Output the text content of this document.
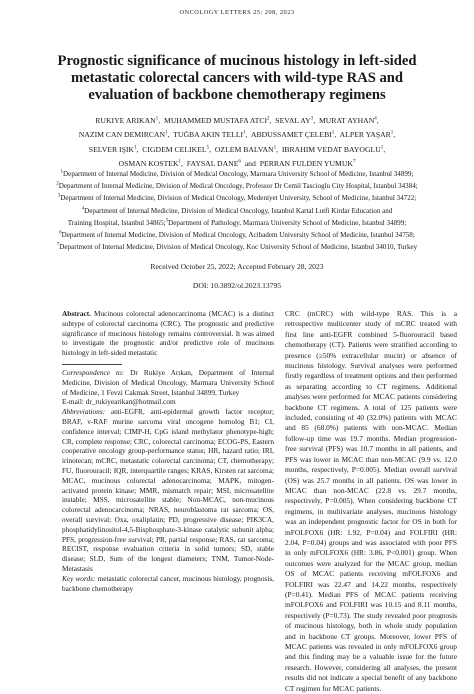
ONCOLOGY LETTERS 25: 208, 2023
Prognostic significance of mucinous histology in left-sided metastatic colorectal cancers with wild-type RAS and evaluation of backbone chemotherapy regimens
RUKIYE ARIKAN$^1$,  MUHAMMED MUSTAFA ATCI$^2$,  SEVAL $AY^3$,  MURAT AYHAN$^4$,
NAZIM CAN DEMIRCAN$^1$,  TUĞBA AKIN TELLI$^1$,  ABDUSSAMET ÇELEBI$^1$,  ALPER YAŞAR$^1$,
SELVER IŞIK$^1$,  CIGDEM CELIKEL$^5$,  OZLEM BALVAN$^1$,  IBRAHIM VEDAT BAYOGLU$^1$,
OSMAN KOSTEK$^1$,  FAYSAL DANE$^6$  and  PERRAN FULDEN YUMUK$^7$
$^1$Department of Internal Medicine, Division of Medical Oncology, Marmara University School of Medicine, Istanbul 34899;
$^2$Department of Internal Medicine, Division of Medical Oncology, Professor Dr Cemil Tascioglu City Hospital, Istanbul 34384;
$^3$Department of Internal Medicine, Division of Medical Oncology, Medeniyet University, School of Medicine, Istanbul 34722;
$^4$Department of Internal Medicine, Division of Medical Oncology, Istanbul Kartal Lutfi Kirdar Education and
Training Hospital, Istanbul 34865;$^5$Department of Pathology, Marmara University School of Medicine, Istanbul 34899;
$^6$Department of Internal Medicine, Division of Medical Oncology, Acibadem University School of Medicine, Istanbul 34758;
$^7$Department of Internal Medicine, Division of Medical Oncology, Koc University School of Medicine, Istanbul 34010, Turkey
Received October 25, 2022; Accepted February 28, 2023
DOI: 10.3892/ol.2023.13795

Abstract. Mucinous colorectal adenocarcinoma (MCAC) is a distinct subtype of colorectal carcinoma (CRC). The prognostic and predictive significance of mucinous histology remains controversial. It was aimed to investigate the prognostic and/or predictive role of mucinous histology in left-sided metastatic

Correspondence to: Dr Rukiye Arıkan, Department of Internal Medicine, Division of Medical Oncology, Marmara University School of Medicine, 1 Fevzi Cakmak Street, Istanbul 34899, Turkey

E-mail: dr_rukiyearikan@hotmail.com

Abbreviations: anti-EGFR, anti-epidermal growth factor receptor; BRAF, v-RAF murine sarcoma viral oncogene homolog B1; CI, confidence interval; CIMP-H, CpG island methylator phenotype-high; CR, complete response; CRC, colorectal carcinoma; ECOG-PS, Eastern cooperative oncology group-performance status; HR, hazard ratio; IRI, irinotecan; mCRC, metastatic colorectal carcinoma; CT, chemotherapy; FU, fluorouracil; IQR, interquartile ranges; KRAS, Kirsten rat sarcoma; MCAC, mucinous colorectal adenocarcinoma; MAPK, mitogen-activated protein kinase; MMR, mismatch repair; MSI, microsatellite instable; MSS, microsatellite stable; Non-MCAC, non-mucinous colorectal adenocarcinoma; NRAS, neuroblastoma rat sarcoma; OS, overall survival; Oxa, oxaliplatin; PD, progressive disease; PIK3CA, phosphatidylinositol-4,5-Bisphosphate-3-kinase catalytic subunit alpha; PFS, progression-free survival; PR, partial response; RAS, rat sarcoma; RECIST, response evaluation criteria in solid tumors; SD, stable disease; SLD, Sum of the longest diameters; TNM, Tumor-Node-Metastasis

Key words: metastatic colorectal cancer, mucinous histology, prognosis, backbone chemotherapy

CRC (mCRC) with wild-type RAS. This is a retrospective multicenter study of mCRC treated with first line anti-EGFR combined 5-fluorouracil based chemotherapy (CT). Patients were stratified according to presence (≥50% extracellular mucin) or absence of mucinous histology. Survival analyses were performed firstly regardless of treatment options and then performed as separating according to CT regimens. Additional analyses were performed for MCAC patients considering backbone CT regimens. A total of 125 patients were included, consisting of 40 (32.0%) patients with MCAC and 85 (68.0%) patients with non-MCAC. Median follow-up time was 19.7 months. Median progression-free survival (PFS) was 10.7 months in all patients, and PFS was lower in MCAC than non-MCAC (9.9 vs. 12.0 months, respectively, P=0.005). Median overall survival (OS) was 25.7 months in all patients. OS was lower in MCAC than non-MCAC (22.8 vs. 29.7 months, respectively, P=0.005). When considering backbone CT regimens, in multivariate analyses, mucinous histology was an independent prognostic factor for OS in both for mFOLFOX6 (HR: 1.92, P=0.04) and FOLFIRI (HR: 2.04, P=0.04) groups and was associated with poor PFS in only mFOLFOX6 (HR: 3.86, P<0.001) group. When outcomes were analyzed for the MCAC group, median OS of MCAC patients receiving mFOLFOX6 and FOLFIRI was 22.47 and 14.22 months, respectively (P=0.41). Median PFS of MCAC patients receiving mFOLFOX6 and FOLFIRI was 10.15 and 8.11 months, respectively (P=0.73). The study revealed poor prognosis of mucinous histology, both in whole study population and in backbone CT groups. Moreover, lower PFS of MCAC patients was revealed in only mFOLFOX6 group and this finding may be a valuable issue for the future research. However, considering all analyses, the present results did not indicate a special benefit of any backbone CT regimen for MCAC patients.
